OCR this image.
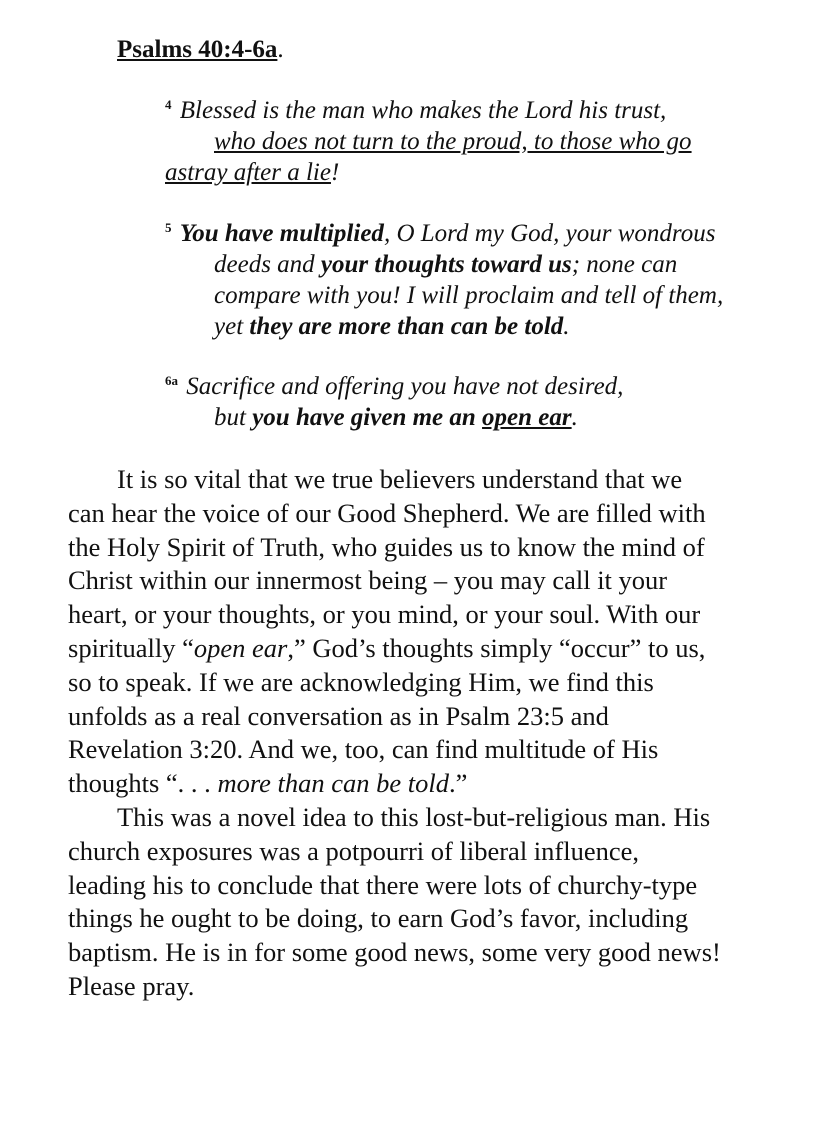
Psalms 40:4-6a.
$^4$ Blessed is the man who makes the Lord his trust,
who does not turn to the proud, to those who go
astray after a lie!
$^5$ You have multiplied, O Lord my God, your wondrous
deeds and your thoughts toward us; none can
compare with you! I will proclaim and tell of them,
yet they are more than can be told.
$^{6a}$ Sacrifice and offering you have not desired,
but you have given me an open ear.
It is so vital that we true believers understand that we
can hear the voice of our Good Shepherd. We are filled with
the Holy Spirit of Truth, who guides us to know the mind of
Christ within our innermost being – you may call it your
heart, or your thoughts, or you mind, or your soul. With our
spiritually “open ear,” God’s thoughts simply “occur” to us,
so to speak. If we are acknowledging Him, we find this
unfolds as a real conversation as in Psalm 23:5 and
Revelation 3:20. And we, too, can find multitude of His
thoughts “. . . more than can be told.”
This was a novel idea to this lost-but-religious man. His
church exposures was a potpourri of liberal influence,
leading his to conclude that there were lots of churchy-type
things he ought to be doing, to earn God’s favor, including
baptism. He is in for some good news, some very good news!
Please pray.
